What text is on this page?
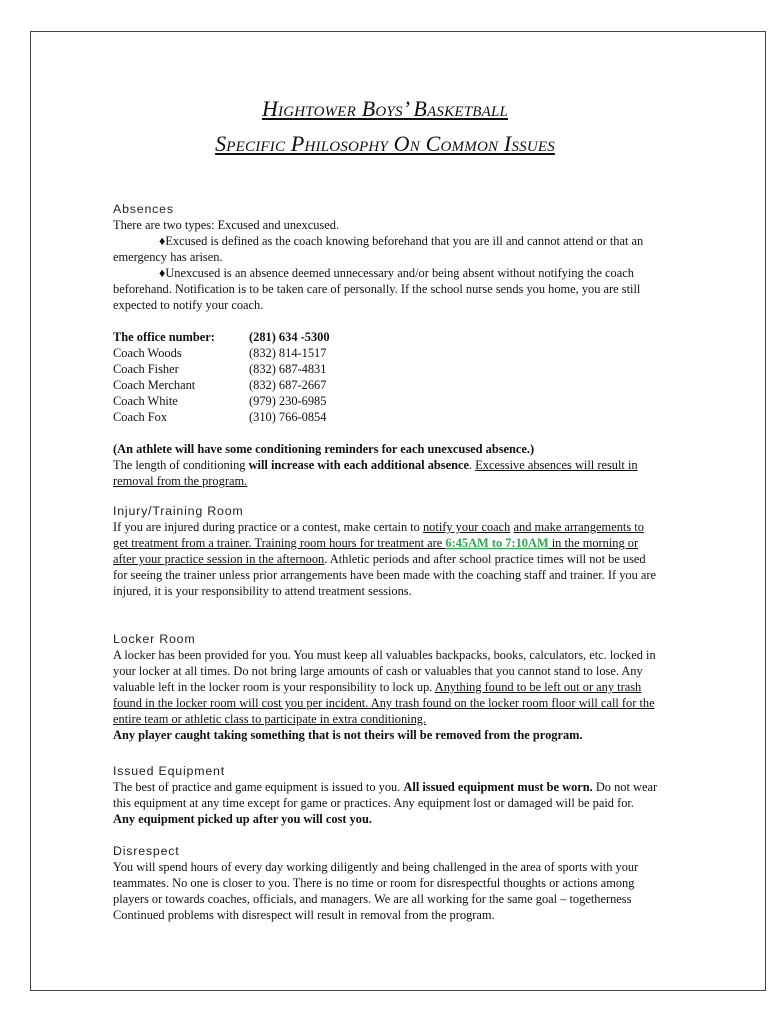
Hightower Boys’ Basketball
Specific Philosophy On Common Issues
Absences

There are two types: Excused and unexcused.

♦Excused is defined as the coach knowing beforehand that you are ill and cannot attend or that an emergency has arisen.

♦Unexcused is an absence deemed unnecessary and/or being absent without notifying the coach beforehand. Notification is to be taken care of personally. If the school nurse sends you home, you are still expected to notify your coach.

The office number:	(281) 634 -5300
Coach Woods	(832) 814-1517
Coach Fisher	(832) 687-4831
Coach Merchant	(832) 687-2667
Coach White	(979) 230-6985
Coach Fox	(310) 766-0854

(An athlete will have some conditioning reminders for each unexcused absence.)

The length of conditioning will increase with each additional absence. Excessive absences will result in removal from the program.

Injury/Training Room

If you are injured during practice or a contest, make certain to notify your coach and make arrangements to get treatment from a trainer. Training room hours for treatment are 6:45AM to 7:10AM in the morning or after your practice session in the afternoon. Athletic periods and after school practice times will not be used for seeing the trainer unless prior arrangements have been made with the coaching staff and trainer. If you are injured, it is your responsibility to attend treatment sessions.

Locker Room

A locker has been provided for you. You must keep all valuables backpacks, books, calculators, etc. locked in your locker at all times. Do not bring large amounts of cash or valuables that you cannot stand to lose. Any valuable left in the locker room is your responsibility to lock up. Anything found to be left out or any trash found in the locker room will cost you per incident. Any trash found on the locker room floor will call for the entire team or athletic class to participate in extra conditioning.
Any player caught taking something that is not theirs will be removed from the program.

Issued Equipment

The best of practice and game equipment is issued to you. All issued equipment must be worn. Do not wear this equipment at any time except for game or practices. Any equipment lost or damaged will be paid for. Any equipment picked up after you will cost you.

Disrespect

You will spend hours of every day working diligently and being challenged in the area of sports with your teammates. No one is closer to you. There is no time or room for disrespectful thoughts or actions among players or towards coaches, officials, and managers. We are all working for the same goal – togetherness Continued problems with disrespect will result in removal from the program.
